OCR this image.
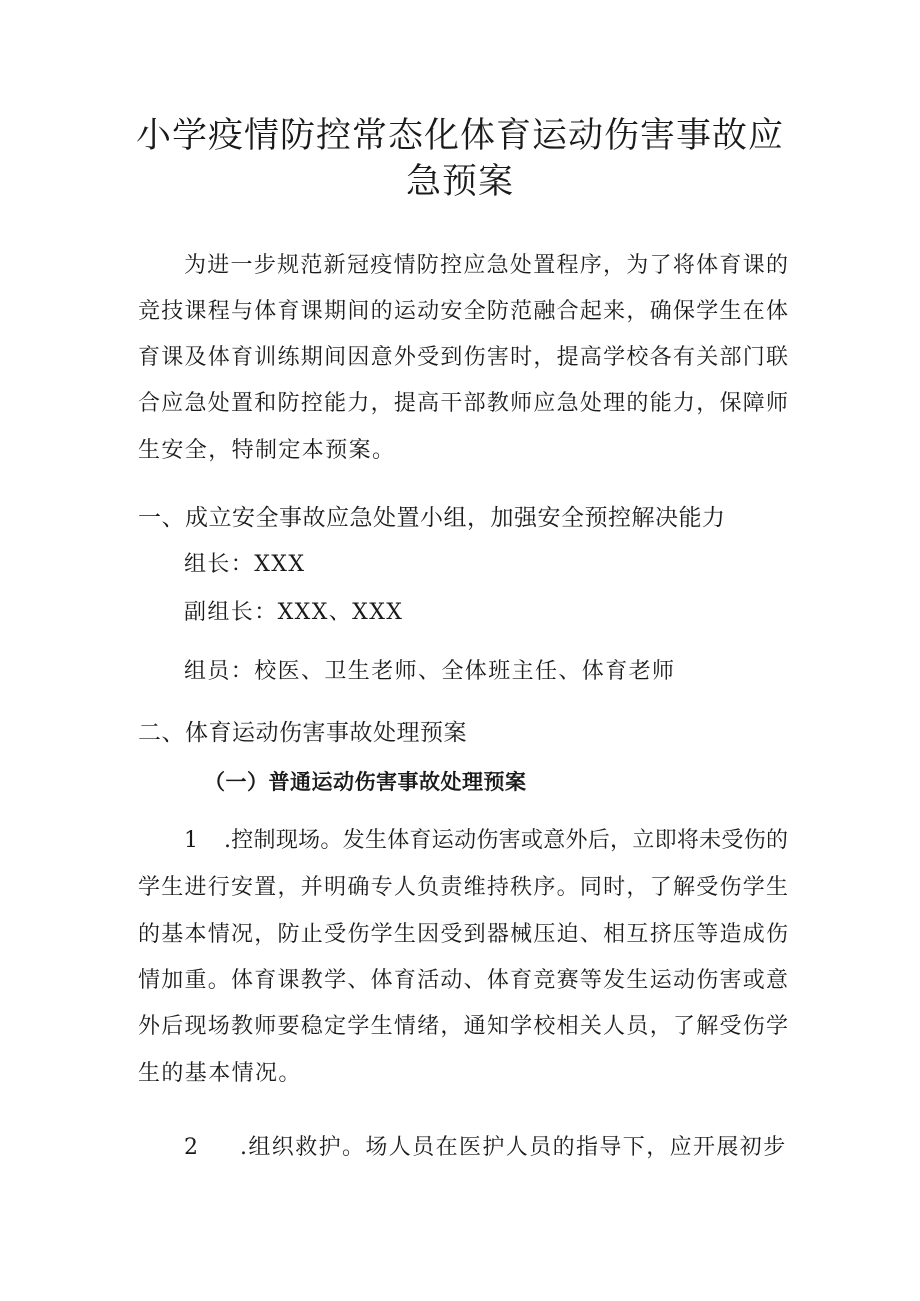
小学疫情防控常态化体育运动伤害事故应
急预案
为进一步规范新冠疫情防控应急处置程序，为了将体育课的
竞技课程与体育课期间的运动安全防范融合起来，确保学生在体
育课及体育训练期间因意外受到伤害时，提高学校各有关部门联
合应急处置和防控能力，提高干部教师应急处理的能力，保障师
生安全，特制定本预案。
一、成立安全事故应急处置小组，加强安全预控解决能力
组长：XXX
副组长：XXX、XXX
组员：校医、卫生老师、全体班主任、体育老师
二、体育运动伤害事故处理预案
（一）普通运动伤害事故处理预案
1 .控制现场。发生体育运动伤害或意外后，立即将未受伤的
学生进行安置，并明确专人负责维持秩序。同时，了解受伤学生
的基本情况，防止受伤学生因受到器械压迫、相互挤压等造成伤
情加重。体育课教学、体育活动、体育竞赛等发生运动伤害或意
外后现场教师要稳定学生情绪，通知学校相关人员，了解受伤学
生的基本情况。
2 .组织救护。场人员在医护人员的指导下，应开展初步
